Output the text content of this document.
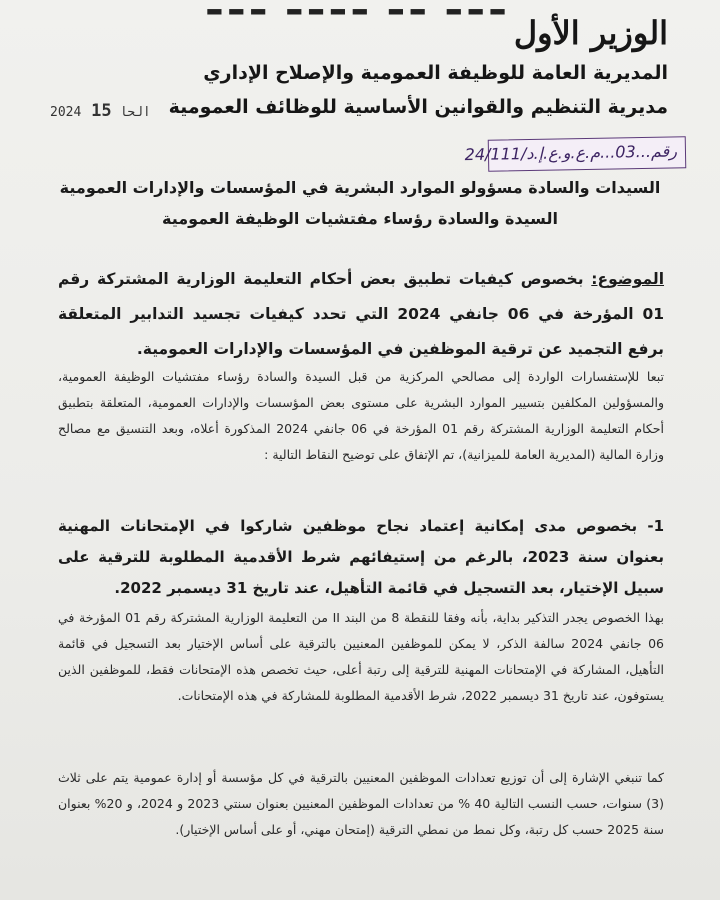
▂▂▂ ▂▂ ▂▂▂▂ ▂▂▂
الوزير الأول
المديرية العامة للوظيفة العمومية والإصلاح الإداري
مديرية التنظيم والقوانين الأساسية للوظائف العمومية
2024 الحا 15
رقم...03...م.ع.و.ع.إ.د/24/111
السيدات والسادة مسؤولو الموارد البشرية في المؤسسات والإدارات العمومية
السيدة والسادة رؤساء مفتشيات الوظيفة العمومية
الموضوع: بخصوص كيفيات تطبيق بعض أحكام التعليمة الوزارية المشتركة رقم 01 المؤرخة في 06 جانفي 2024 التي تحدد كيفيات تجسيد التدابير المتعلقة برفع التجميد عن ترقية الموظفين في المؤسسات والإدارات العمومية.
تبعا للإستفسارات الواردة إلى مصالحي المركزية من قبل السيدة والسادة رؤساء مفتشيات الوظيفة العمومية، والمسؤولين المكلفين بتسيير الموارد البشرية على مستوى بعض المؤسسات والإدارات العمومية، المتعلقة بتطبيق أحكام التعليمة الوزارية المشتركة رقم 01 المؤرخة في 06 جانفي 2024 المذكورة أعلاه، وبعد التنسيق مع مصالح وزارة المالية (المديرية العامة للميزانية)، تم الإتفاق على توضيح النقاط التالية :
1- بخصوص مدى إمكانية إعتماد نجاح موظفين شاركوا في الإمتحانات المهنية بعنوان سنة 2023، بالرغم من إستيفائهم شرط الأقدمية المطلوبة للترقية على سبيل الإختيار، بعد التسجيل في قائمة التأهيل، عند تاريخ 31 ديسمبر 2022.
بهذا الخصوص يجدر التذكير بداية، بأنه وفقا للنقطة 8 من البند II من التعليمة الوزارية المشتركة رقم 01 المؤرخة في 06 جانفي 2024 سالفة الذكر، لا يمكن للموظفين المعنيين بالترقية على أساس الإختيار بعد التسجيل في قائمة التأهيل، المشاركة في الإمتحانات المهنية للترقية إلى رتبة أعلى، حيث تخصص هذه الإمتحانات فقط، للموظفين الذين يستوفون، عند تاريخ 31 ديسمبر 2022، شرط الأقدمية المطلوبة للمشاركة في هذه الإمتحانات.
كما تنبغي الإشارة إلى أن توزيع تعدادات الموظفين المعنيين بالترقية في كل مؤسسة أو إدارة عمومية يتم على ثلاث (3) سنوات، حسب النسب التالية 40 % من تعدادات الموظفين المعنيين بعنوان سنتي 2023 و 2024، و 20% بعنوان سنة 2025 حسب كل رتبة، وكل نمط من نمطي الترقية (إمتحان مهني، أو على أساس الإختيار).
